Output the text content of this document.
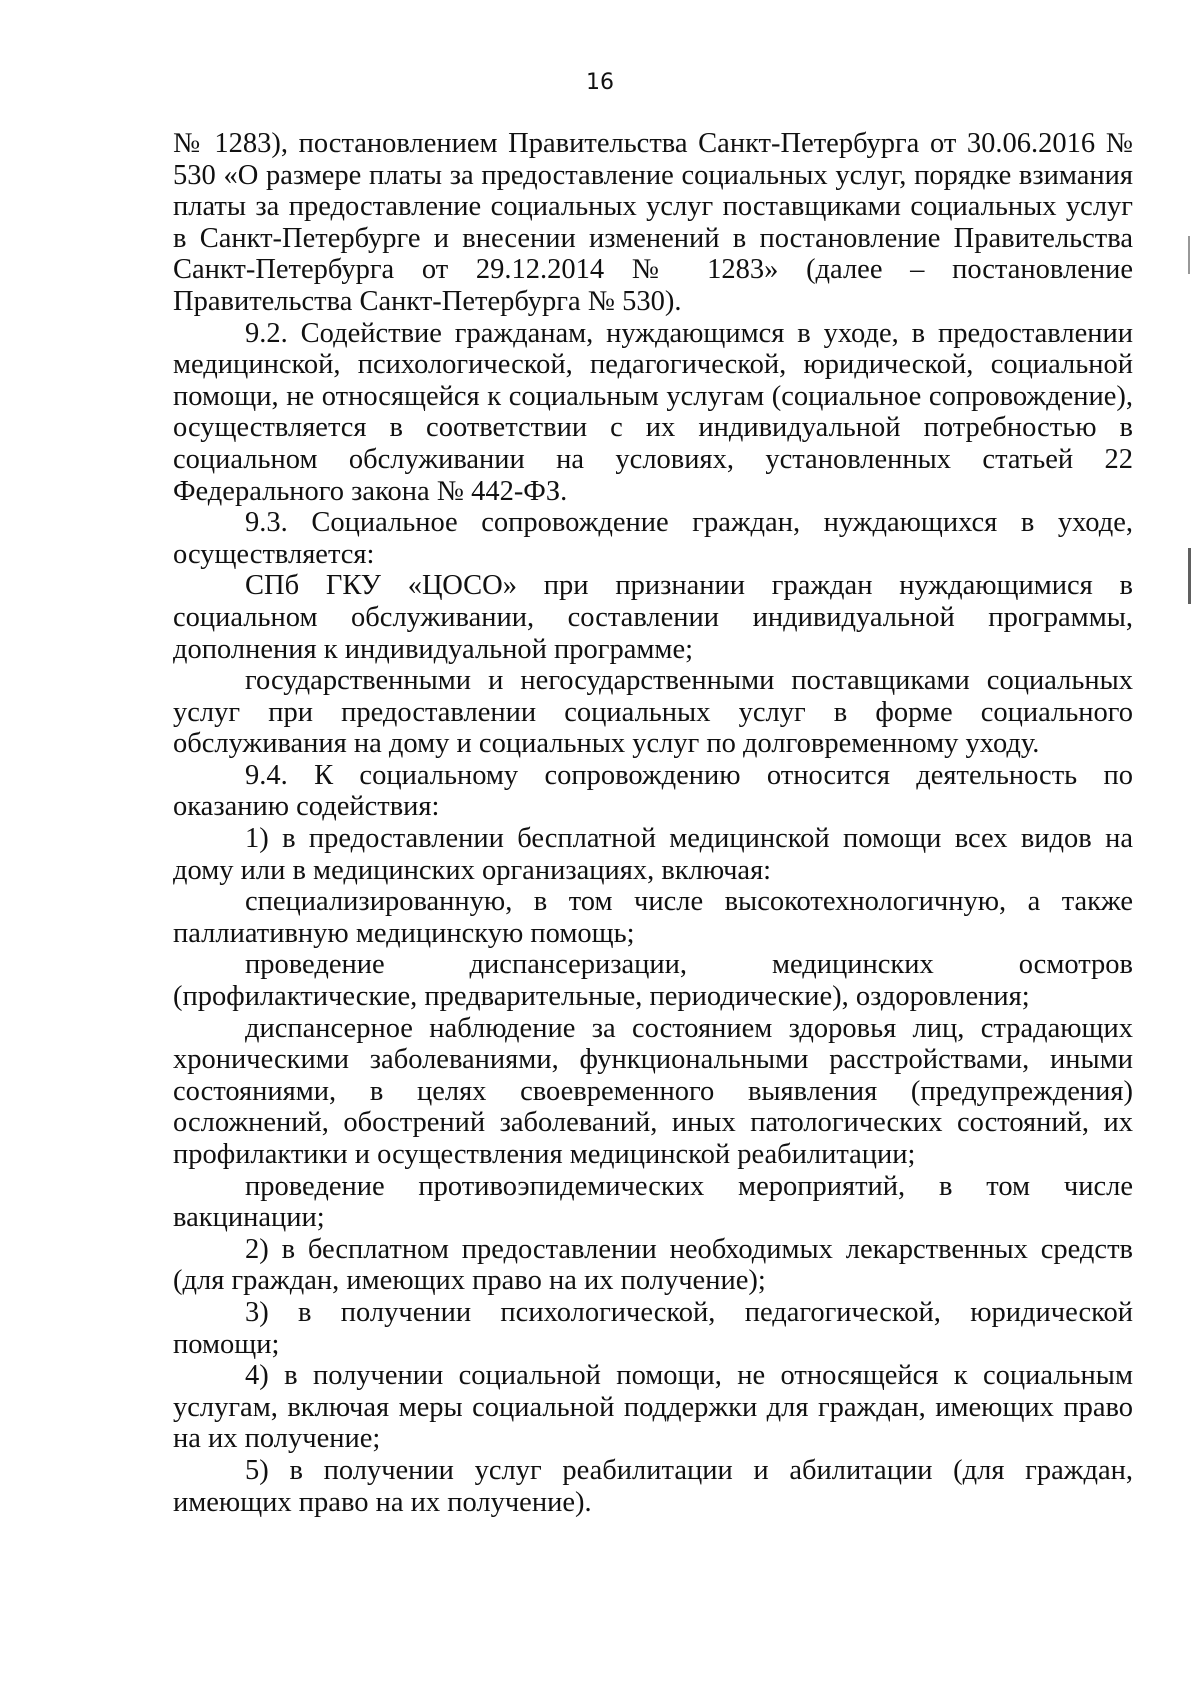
16

№ 1283), постановлением Правительства Санкт-Петербурга от 30.06.2016 № 530 «О размере платы за предоставление социальных услуг, порядке взимания платы за предоставление социальных услуг поставщиками социальных услуг в Санкт-Петербурге и внесении изменений в постановление Правительства Санкт-Петербурга от 29.12.2014 № 1283» (далее – постановление Правительства Санкт-Петербурга № 530).

9.2. Содействие гражданам, нуждающимся в уходе, в предоставлении медицинской, психологической, педагогической, юридической, социальной помощи, не относящейся к социальным услугам (социальное сопровождение), осуществляется в соответствии с их индивидуальной потребностью в социальном обслуживании на условиях, установленных статьей 22 Федерального закона № 442-ФЗ.

9.3. Социальное сопровождение граждан, нуждающихся в уходе, осуществляется:

СПб ГКУ «ЦОСО» при признании граждан нуждающимися в социальном обслуживании, составлении индивидуальной программы, дополнения к индивидуальной программе;

государственными и негосударственными поставщиками социальных услуг при предоставлении социальных услуг в форме социального обслуживания на дому и социальных услуг по долговременному уходу.

9.4. К социальному сопровождению относится деятельность по оказанию содействия:

1) в предоставлении бесплатной медицинской помощи всех видов на дому или в медицинских организациях, включая:

специализированную, в том числе высокотехнологичную, а также паллиативную медицинскую помощь;

проведение диспансеризации, медицинских осмотров (профилактические, предварительные, периодические), оздоровления;

диспансерное наблюдение за состоянием здоровья лиц, страдающих хроническими заболеваниями, функциональными расстройствами, иными состояниями, в целях своевременного выявления (предупреждения) осложнений, обострений заболеваний, иных патологических состояний, их профилактики и осуществления медицинской реабилитации;

проведение противоэпидемических мероприятий, в том числе вакцинации;

2) в бесплатном предоставлении необходимых лекарственных средств (для граждан, имеющих право на их получение);

3) в получении психологической, педагогической, юридической помощи;

4) в получении социальной помощи, не относящейся к социальным услугам, включая меры социальной поддержки для граждан, имеющих право на их получение;

5) в получении услуг реабилитации и абилитации (для граждан, имеющих право на их получение).
